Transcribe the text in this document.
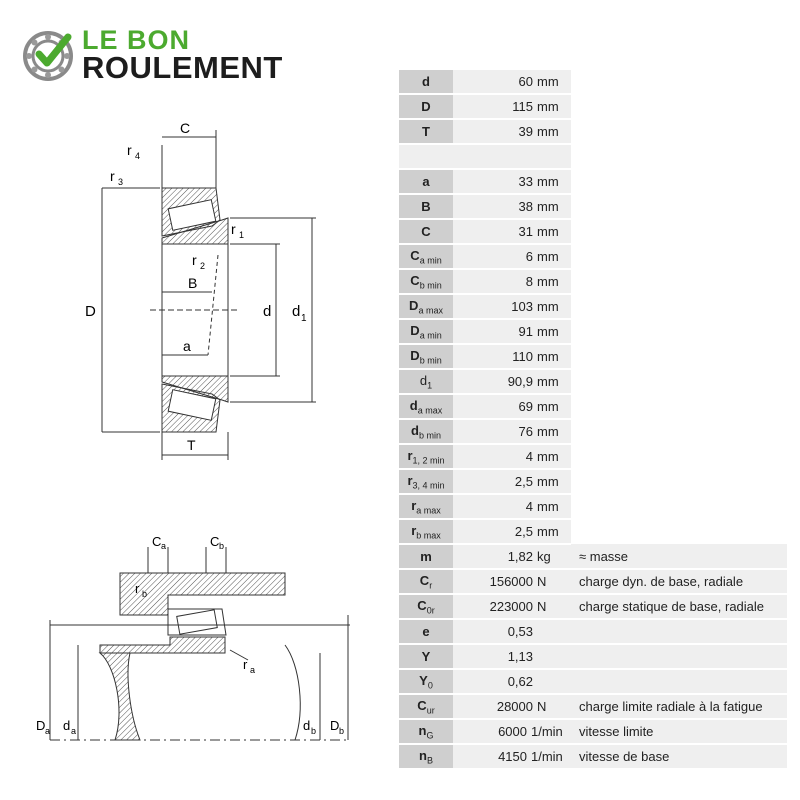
LE BON
ROULEMENT
C
r 4
r 3
r 1
r 2
B
D	d d 1
a
T
C a	C b
r b
r a
D a d a	d b D b
d	60 mm	
D	115 mm	
T	39 mm	

a	33 mm	
B	38 mm	
C	31 mm	
$C_{a min}$	6 mm	
$C_{b min}$	8 mm	
$D_{a max}$	103 mm	
$D_{a min}$	91 mm	
$D_{b min}$	110 mm	
$d_1$	90,9 mm	
$d_{a max}$	69 mm	
$d_{b min}$	76 mm	
$r_{1, 2 min}$	4 mm	
$r_{3, 4 min}$	2,5 mm	
$r_{a max}$	4 mm	
$r_{b max}$	2,5 mm	
m	1,82 kg	≈ masse
$C_r$	156000 N	charge dyn. de base, radiale
$C_{0r}$	223000 N	charge statique de base, radiale
e	0,53	
Y	1,13	
$Y_0$	0,62	
$C_{ur}$	28000 N	charge limite radiale à la fatigue
$n_G$	6000 1/min	vitesse limite
$n_B$	4150 1/min	vitesse de base
